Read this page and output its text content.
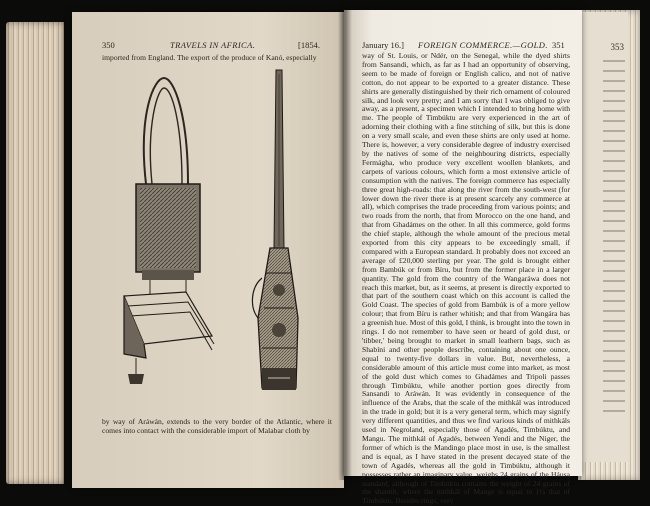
353
350	TRAVELS IN AFRICA.	[1854.
imported from England. The export of the produce of Kanó, especially
by way of Aráwán, extends to the very border of the Atlantic, where it comes into contact with the considerable import of Malabar cloth by
January 16.] FOREIGN COMMERCE.—GOLD. 351
way of St. Louis, or Ndér, on the Senegal, while the dyed shirts from Sansandi, which, as far as I had an opportunity of observing, seem to be made of foreign or English calico, and not of native cotton, do not appear to be exported to a greater distance. These shirts are generally distinguished by their rich ornament of coloured silk, and look very pretty; and I am sorry that I was obliged to give away, as a present, a specimen which I intended to bring home with me. The people of Timbúktu are very experienced in the art of adorning their clothing with a fine stitching of silk, but this is done on a very small scale, and even these shirts are only used at home. There is, however, a very considerable degree of industry exercised by the natives of some of the neighbouring districts, especially Fermágha, who produce very excellent woollen blankets, and carpets of various colours, which form a most extensive article of consumption with the natives. The foreign commerce has especially three great high-roads: that along the river from the south-west (for lower down the river there is at present scarcely any commerce at all), which comprises the trade proceeding from various points; and two roads from the north, that from Morocco on the one hand, and that from Ghadámes on the other. In all this commerce, gold forms the chief staple, although the whole amount of the precious metal exported from this city appears to be exceedingly small, if compared with a European standard. It probably does not exceed an average of £20,000 sterling per year. The gold is brought either from Bambúk or from Bíru, but from the former place in a larger quantity. The gold from the country of the Wangaráwa does not reach this market, but, as it seems, at present is directly exported to that part of the southern coast which on this account is called the Gold Coast. The species of gold from Bambúk is of a more yellow colour; that from Bíru is rather whitish; and that from Wangára has a greenish hue. Most of this gold, I think, is brought into the town in rings. I do not remember to have seen or heard of gold dust, or 'tibber,' being brought to market in small leathern bags, such as Shabíni and other people describe, containing about one ounce, equal to twenty-five dollars in value. But, nevertheless, a considerable amount of this article must come into market, as most of the gold dust which comes to Ghadámes and Tripoli passes through Timbúktu, while another portion goes directly from Sansandi to Aráwán. It was evidently in consequence of the influence of the Arabs, that the scale of the mithkál was introduced in the trade in gold; but it is a very general term, which may signify very different quantities, and thus we find various kinds of mithkáls used in Negroland, especially those of Agadés, Timbúktu, and Mangu. The mithkál of Agadés, between Yendi and the Niger, the former of which is the Mandingo place most in use, is the smallest and is equal, as I have stated in the present decayed state of the town of Agadés, whereas all the gold in Timbúktu, although it possesses rather an imaginary value, weighs 24 grains of the Háusa standard, although of Timbúktu contains the weight of 24 grains of the shantih, where the mithkál of Mange is equal to 1½ that of Timbúktu. Besides rings, very
